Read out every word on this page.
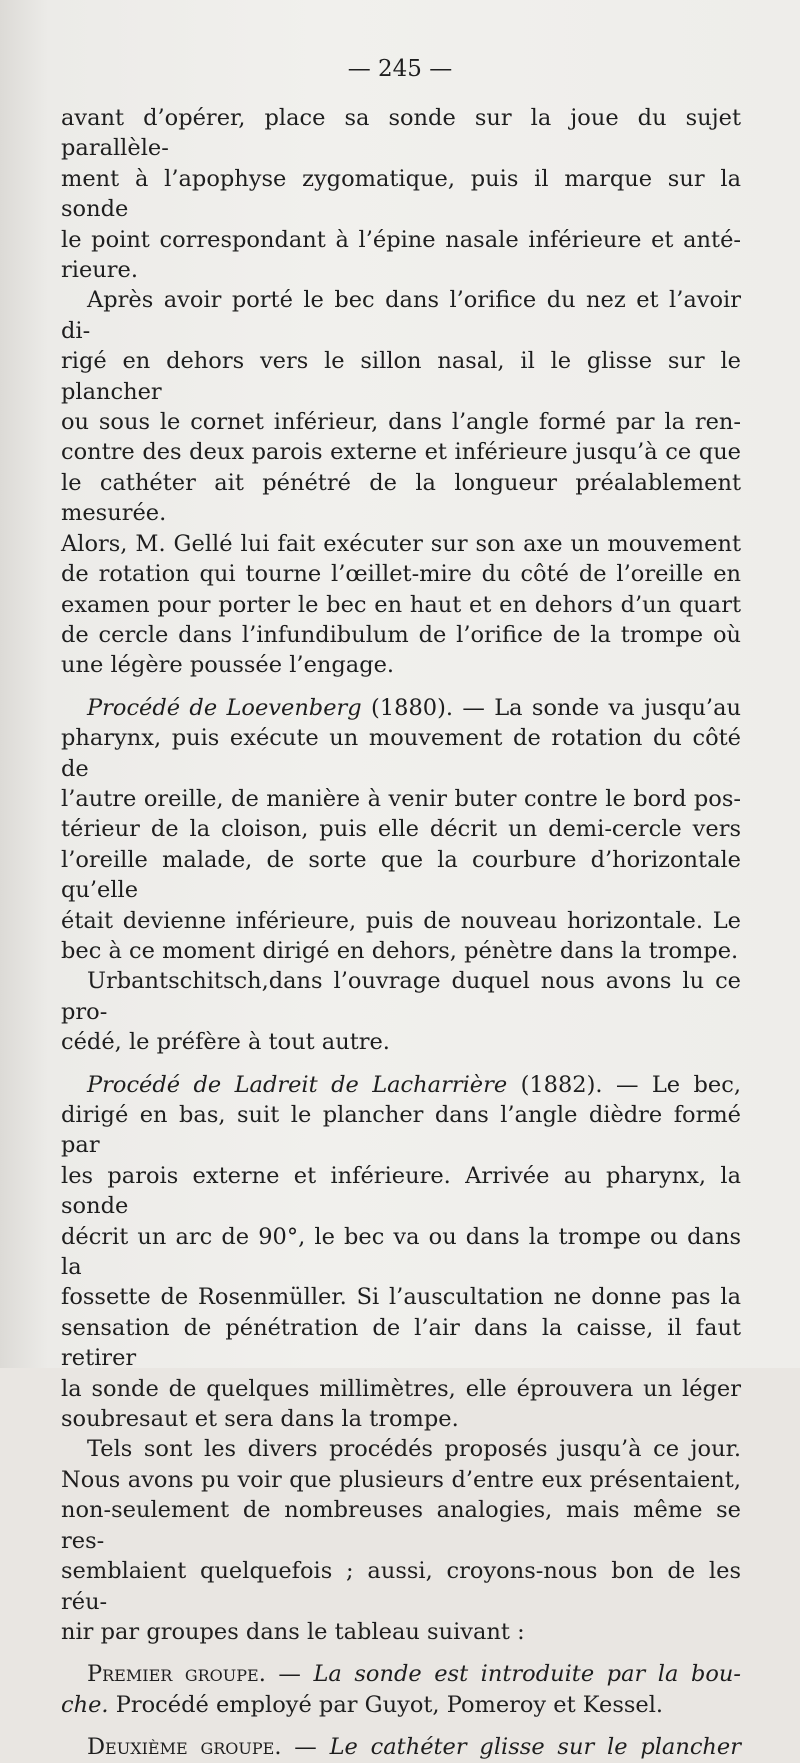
— 245 —

avant d’opérer, place sa sonde sur la joue du sujet parallèle-
ment à l’apophyse zygomatique, puis il marque sur la sonde
le point correspondant à l’épine nasale inférieure et anté-
rieure.

Après avoir porté le bec dans l’orifice du nez et l’avoir di-
rigé en dehors vers le sillon nasal, il le glisse sur le plancher
ou sous le cornet inférieur, dans l’angle formé par la ren-
contre des deux parois externe et inférieure jusqu’à ce que
le cathéter ait pénétré de la longueur préalablement mesurée.
Alors, M. Gellé lui fait exécuter sur son axe un mouvement
de rotation qui tourne l’œillet-mire du côté de l’oreille en
examen pour porter le bec en haut et en dehors d’un quart
de cercle dans l’infundibulum de l’orifice de la trompe où
une légère poussée l’engage.

Procédé de Loevenberg (1880). — La sonde va jusqu’au
pharynx, puis exécute un mouvement de rotation du côté de
l’autre oreille, de manière à venir buter contre le bord pos-
térieur de la cloison, puis elle décrit un demi-cercle vers
l’oreille malade, de sorte que la courbure d’horizontale qu’elle
était devienne inférieure, puis de nouveau horizontale. Le
bec à ce moment dirigé en dehors, pénètre dans la trompe.

Urbantschitsch,dans l’ouvrage duquel nous avons lu ce pro-
cédé, le préfère à tout autre.

Procédé de Ladreit de Lacharrière (1882). — Le bec,
dirigé en bas, suit le plancher dans l’angle dièdre formé par
les parois externe et inférieure. Arrivée au pharynx, la sonde
décrit un arc de 90°, le bec va ou dans la trompe ou dans la
fossette de Rosenmüller. Si l’auscultation ne donne pas la
sensation de pénétration de l’air dans la caisse, il faut retirer
la sonde de quelques millimètres, elle éprouvera un léger
soubresaut et sera dans la trompe.

Tels sont les divers procédés proposés jusqu’à ce jour.
Nous avons pu voir que plusieurs d’entre eux présentaient,
non-seulement de nombreuses analogies, mais même se res-
semblaient quelquefois ; aussi, croyons-nous bon de les réu-
nir par groupes dans le tableau suivant :

Premier groupe. — La sonde est introduite par la bou-
che. Procédé employé par Guyot, Pomeroy et Kessel.

Deuxième groupe. — Le cathéter glisse sur le plancher
